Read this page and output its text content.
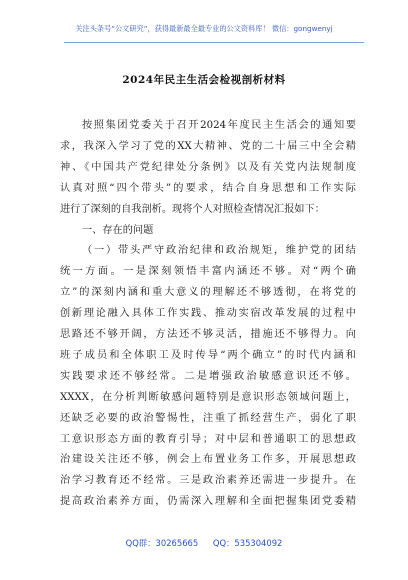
关注头条号“公文研究”，获得最新最全最专业的公文资料库！ 微信：gongwenyj
2024年民主生活会检视剖析材料
按照集团党委关于召开2024年度民主生活会的通知要
求，我深入学习了党的XX大精神、党的二十届三中全会精
神、《中国共产党纪律处分条例》以及有关党内法规制度
认真对照“四个带头”的要求，结合自身思想和工作实际
进行了深刻的自我剖析。现将个人对照检查情况汇报如下：
一、存在的问题
（一）带头严守政治纪律和政治规矩，维护党的团结
统一方面。一是深刻领悟丰富内涵还不够。对“两个确
立”的深刻内涵和重大意义的理解还不够透彻，在将党的
创新理论融入具体工作实践、推动实宿改革发展的过程中
思路还不够开阔，方法还不够灵活，措施还不够得力。向
班子成员和全体职工及时传导“两个确立”的时代内涵和
实践要求还不够经常。二是增强政治敏感意识还不够。
XXXX，在分析判断敏感问题特别是意识形态领域问题上，
还缺乏必要的政治警惕性，注重了抓经营生产，弱化了职
工意识形态方面的教育引导；对中层和普通职工的思想政
治建设关注还不够，例会上布置业务工作多，开展思想政
治学习教育还不经常。三是政治素养还需进一步提升。在
提高政治素养方面，仍需深入理解和全面把握集团党委精
QQ群：30265665 QQ：535304092
